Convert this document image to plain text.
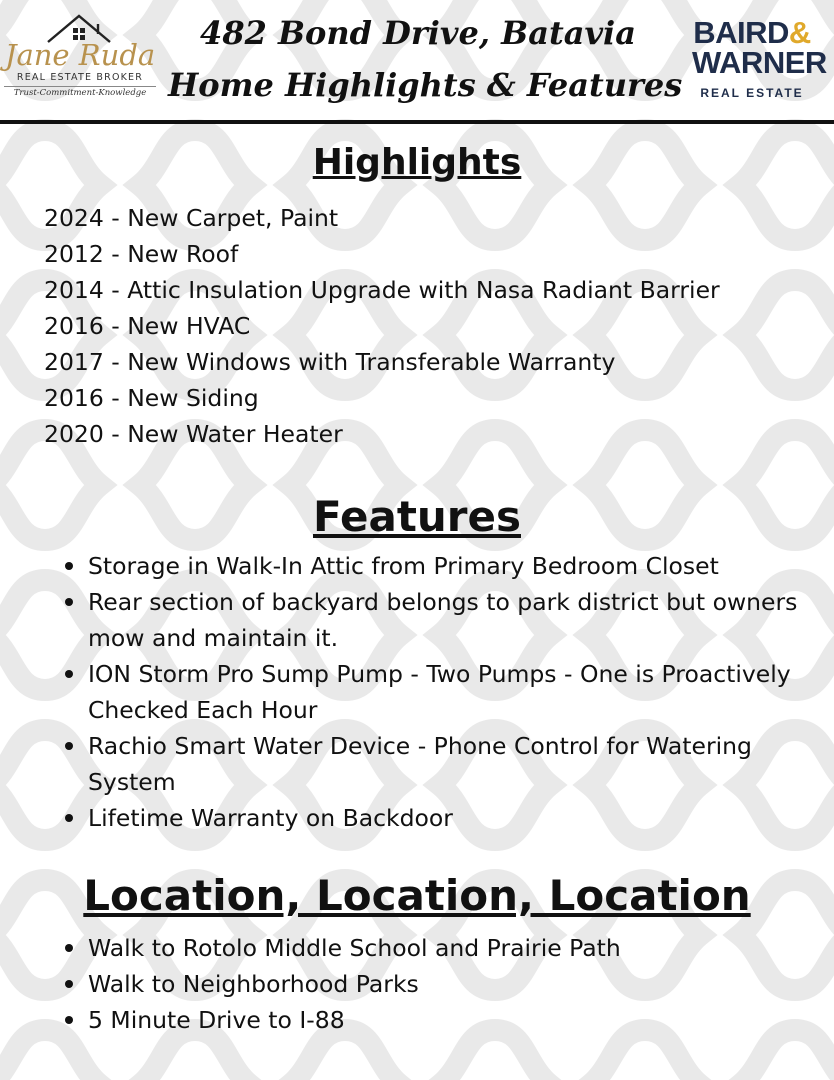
Jane Ruda
REAL ESTATE BROKER
Trust-Commitment-Knowledge
482 Bond Drive, Batavia
Home Highlights & Features
BAIRD&
WARNER
REAL ESTATE
Highlights
2024 - New Carpet, Paint
2012 - New Roof
2014 - Attic Insulation Upgrade with Nasa Radiant Barrier
2016 - New HVAC
2017 - New Windows with Transferable Warranty
2016 - New Siding
2020 - New Water Heater
Features
Storage in Walk-In Attic from Primary Bedroom Closet
Rear section of backyard belongs to park district but owners mow and maintain it.
ION Storm Pro Sump Pump - Two Pumps - One is Proactively Checked Each Hour
Rachio Smart Water Device - Phone Control for Watering System
Lifetime Warranty on Backdoor
Location, Location, Location
Walk to Rotolo Middle School and Prairie Path
Walk to Neighborhood Parks
5 Minute Drive to I-88
